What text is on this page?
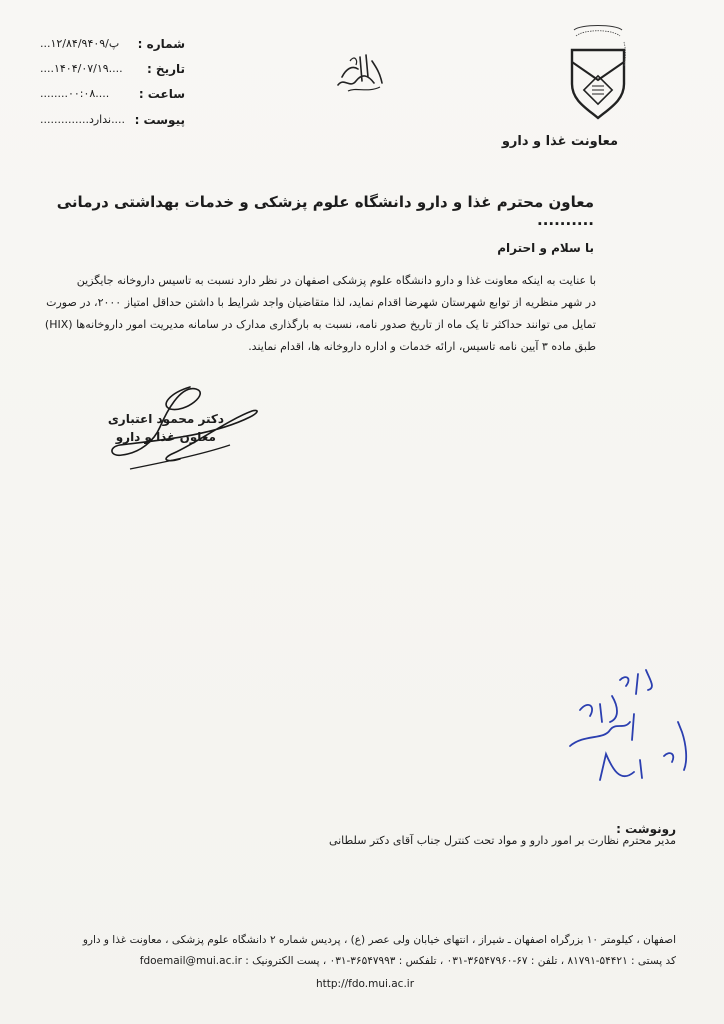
شماره :
...۱۲/۸۴/۹۴۰۹/پ
تاریخ :
....۱۴۰۴/۰۷/۱۹....
ساعت :
........۰۰:۰۸....
پیوست :
..............ندارد....
معاونت غذا و دارو
معاون محترم غذا و دارو دانشگاه علوم پزشکی و خدمات بهداشتی درمانی ..........
با سلام و احترام

با عنایت به اینکه معاونت غذا و دارو دانشگاه علوم پزشکی اصفهان در نظر دارد نسبت به تاسیس داروخانه جایگزین

در شهر منظریه از توابع شهرستان شهرضا اقدام نماید، لذا متقاضیان واجد شرایط با داشتن حداقل امتیاز ۲۰۰۰، در صورت

تمایل می توانند حداکثر تا یک ماه از تاریخ صدور نامه، نسبت به بارگذاری مدارک در سامانه مدیریت امور داروخانه‌ها (HIX)

طبق ماده ۳ آیین نامه تاسیس، ارائه خدمات و اداره داروخانه ها، اقدام نمایند.

دکتر محمود اعتباری
معاون غذا و دارو
رونوشت :
مدیر محترم نظارت بر امور دارو و مواد تحت کنترل جناب آقای دکتر سلطانی
اصفهان ، کیلومتر ۱۰ بزرگراه اصفهان ـ شیراز ، انتهای خیابان ولی عصر (ع) ، پردیس شماره ۲ دانشگاه علوم پزشکی ، معاونت غذا و دارو
کد پستی : ۵۴۴۲۱-۸۱۷۹۱ ، تلفن : ۶۷-۳۶۵۴۷۹۶۰-۰۳۱ ، تلفکس : ۳۶۵۴۷۹۹۳-۰۳۱ ، پست الکترونیک : fdoemail@mui.ac.ir
http://fdo.mui.ac.ir
